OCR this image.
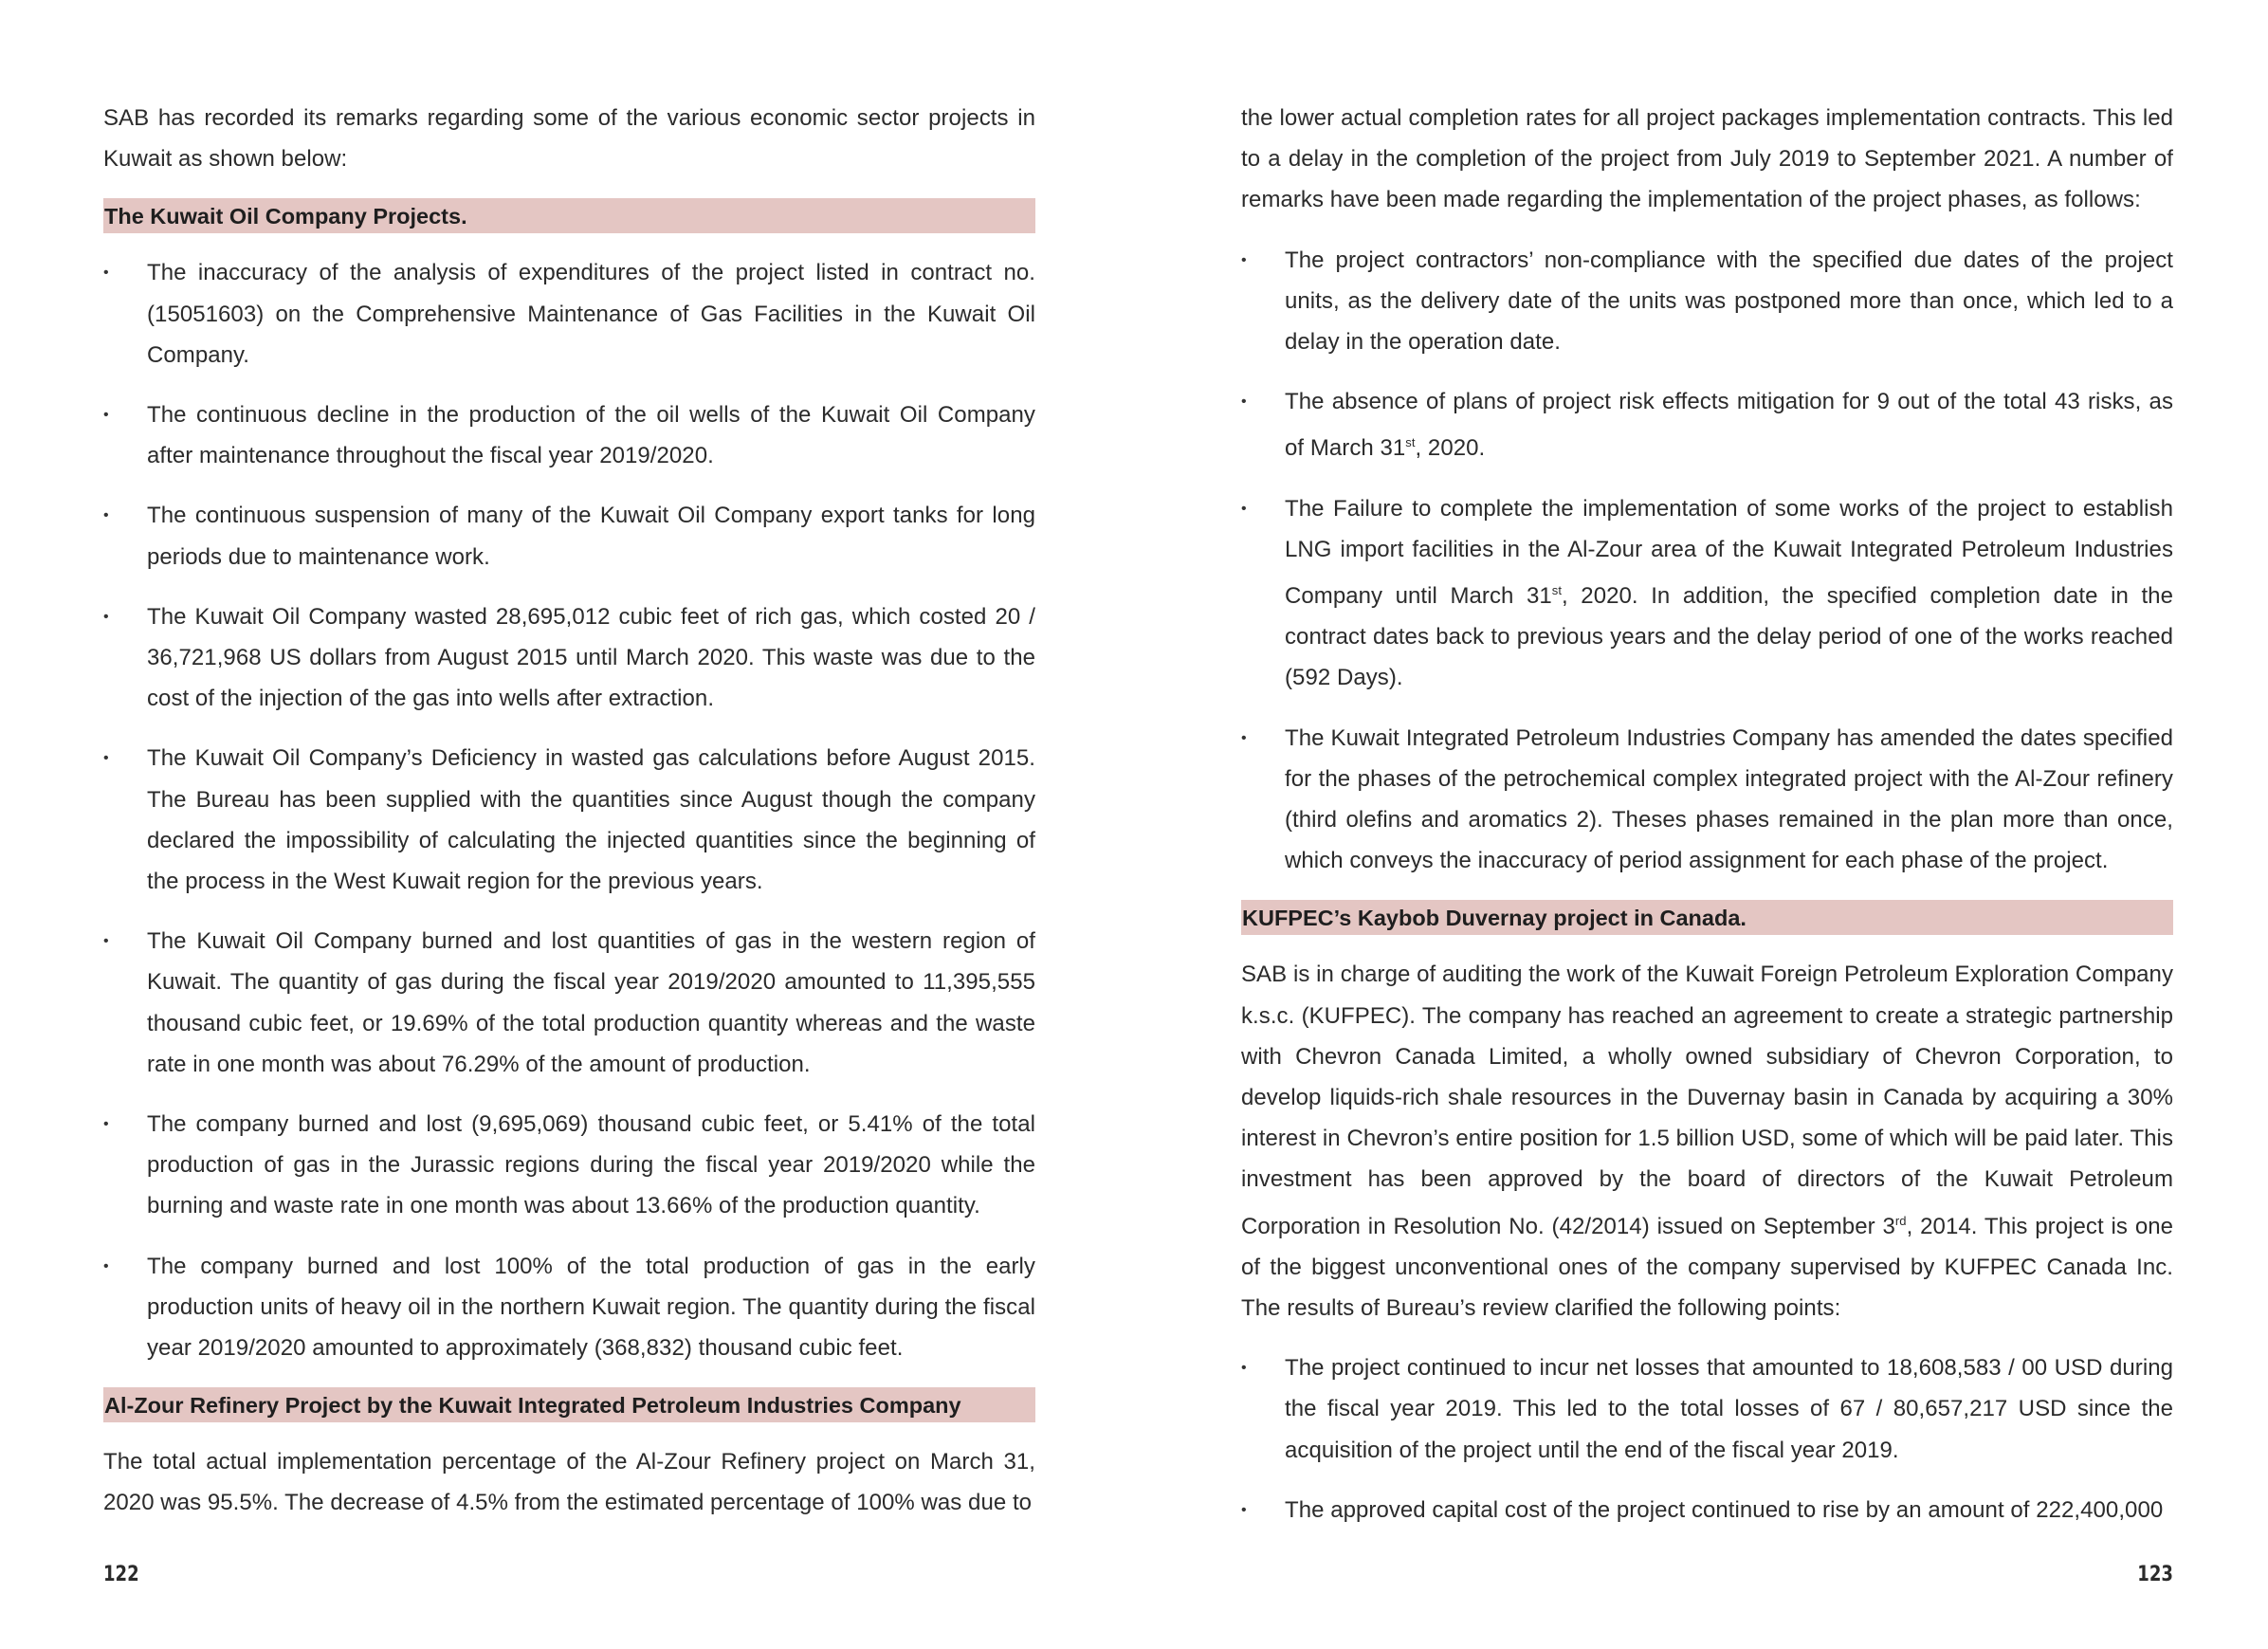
SAB has recorded its remarks regarding some of the various economic sector projects in Kuwait as shown below:

The Kuwait Oil Company Projects.
• The inaccuracy of the analysis of expenditures of the project listed in contract no. (15051603) on the Comprehensive Maintenance of Gas Facilities in the Kuwait Oil Company.

• The continuous decline in the production of the oil wells of the Kuwait Oil Company after maintenance throughout the fiscal year 2019/2020.

• The continuous suspension of many of the Kuwait Oil Company export tanks for long periods due to maintenance work.

• The Kuwait Oil Company wasted 28,695,012 cubic feet of rich gas, which costed 20 / 36,721,968 US dollars from August 2015 until March 2020. This waste was due to the cost of the injection of the gas into wells after extraction.

• The Kuwait Oil Company’s Deficiency in wasted gas calculations before August 2015. The Bureau has been supplied with the quantities since August though the company declared the impossibility of calculating the injected quantities since the beginning of the process in the West Kuwait region for the previous years.

• The Kuwait Oil Company burned and lost quantities of gas in the western region of Kuwait. The quantity of gas during the fiscal year 2019/2020 amounted to 11,395,555 thousand cubic feet, or 19.69% of the total production quantity whereas and the waste rate in one month was about 76.29% of the amount of production.

• The company burned and lost (9,695,069) thousand cubic feet, or 5.41% of the total production of gas in the Jurassic regions during the fiscal year 2019/2020 while the burning and waste rate in one month was about 13.66% of the production quantity.

• The company burned and lost 100% of the total production of gas in the early production units of heavy oil in the northern Kuwait region. The quantity during the fiscal year 2019/2020 amounted to approximately (368,832) thousand cubic feet.

Al-Zour Refinery Project by the Kuwait Integrated Petroleum Industries Company

The total actual implementation percentage of the Al-Zour Refinery project on March 31, 2020 was 95.5%. The decrease of 4.5% from the estimated percentage of 100% was due to

122

the lower actual completion rates for all project packages implementation contracts. This led to a delay in the completion of the project from July 2019 to September 2021. A number of remarks have been made regarding the implementation of the project phases, as follows:

• The project contractors’ non-compliance with the specified due dates of the project units, as the delivery date of the units was postponed more than once, which led to a delay in the operation date.

• The absence of plans of project risk effects mitigation for 9 out of the total 43 risks, as of March 31st, 2020.

• The Failure to complete the implementation of some works of the project to establish LNG import facilities in the Al-Zour area of the Kuwait Integrated Petroleum Industries Company until March 31st, 2020. In addition, the specified completion date in the contract dates back to previous years and the delay period of one of the works reached (592 Days).

• The Kuwait Integrated Petroleum Industries Company has amended the dates specified for the phases of the petrochemical complex integrated project with the Al-Zour refinery (third olefins and aromatics 2). Theses phases remained in the plan more than once, which conveys the inaccuracy of period assignment for each phase of the project.

KUFPEC’s Kaybob Duvernay project in Canada.

SAB is in charge of auditing the work of the Kuwait Foreign Petroleum Exploration Company k.s.c. (KUFPEC). The company has reached an agreement to create a strategic partnership with Chevron Canada Limited, a wholly owned subsidiary of Chevron Corporation, to develop liquids-rich shale resources in the Duvernay basin in Canada by acquiring a 30% interest in Chevron’s entire position for 1.5 billion USD, some of which will be paid later. This investment has been approved by the board of directors of the Kuwait Petroleum Corporation in Resolution No. (42/2014) issued on September 3rd, 2014. This project is one of the biggest unconventional ones of the company supervised by KUFPEC Canada Inc. The results of Bureau’s review clarified the following points:

• The project continued to incur net losses that amounted to 18,608,583 / 00 USD during the fiscal year 2019. This led to the total losses of 67 / 80,657,217 USD since the acquisition of the project until the end of the fiscal year 2019.

• The approved capital cost of the project continued to rise by an amount of 222,400,000

123
